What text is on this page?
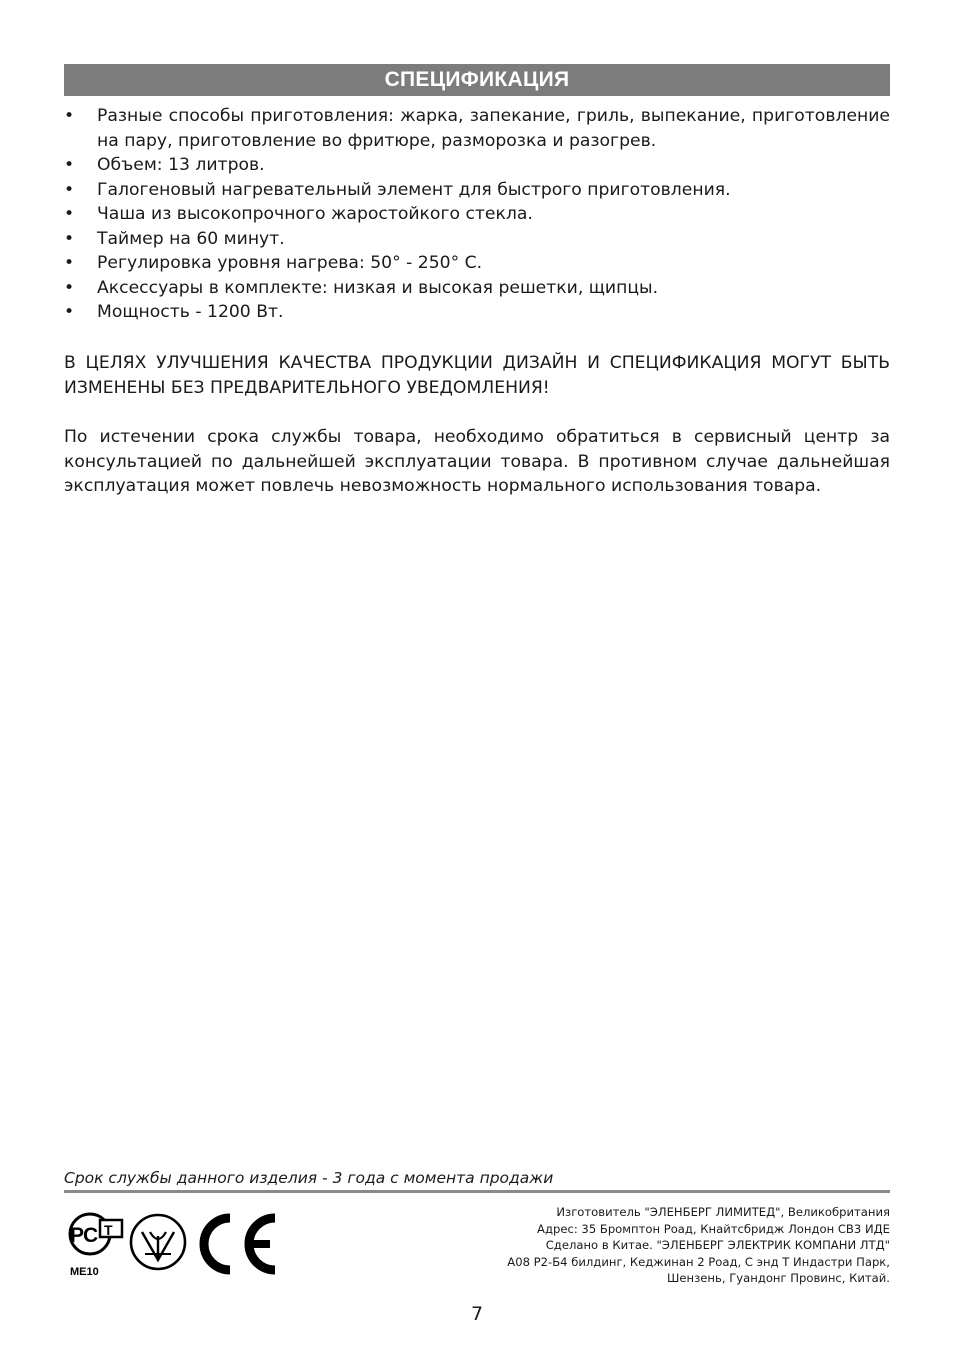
СПЕЦИФИКАЦИЯ
• Разные способы приготовления: жарка, запекание, гриль, выпекание, приготовление на пару, приготовление во фритюре, разморозка и разогрев.
• Объем: 13 литров.
• Галогеновый нагревательный элемент для быстрого приготовления.
• Чаша из высокопрочного жаростойкого стекла.
• Таймер на 60 минут.
• Регулировка уровня нагрева: 50° - 250° С.
• Аксессуары в комплекте: низкая и высокая решетки, щипцы.
• Мощность - 1200 Вт.

В ЦЕЛЯХ УЛУЧШЕНИЯ КАЧЕСТВА ПРОДУКЦИИ ДИЗАЙН И СПЕЦИФИКАЦИЯ МОГУТ БЫТЬ ИЗМЕНЕНЫ БЕЗ ПРЕДВАРИТЕЛЬНОГО УВЕДОМЛЕНИЯ!

По истечении срока службы товара, необходимо обратиться в сервисный центр за консультацией по дальнейшей эксплуатации товара. В противном случае дальнейшая эксплуатация может повлечь невозможность нормального использования товара.

Срок службы данного изделия - 3 года с момента продажи
P
C T
ME10
Изготовитель "ЭЛЕНБЕРГ ЛИМИТЕД", Великобритания
Адрес: 35 Бромптон Роад, Кнайтсбридж Лондон СВ3 ИДЕ
Сделано в Китае. "ЭЛЕНБЕРГ ЭЛЕКТРИК КОМПАНИ ЛТД"
А08 Р2-Б4 билдинг, Кеджинан 2 Роад, С энд Т Индастри Парк,
Шензень, Гуандонг Провинс, Китай.
7
